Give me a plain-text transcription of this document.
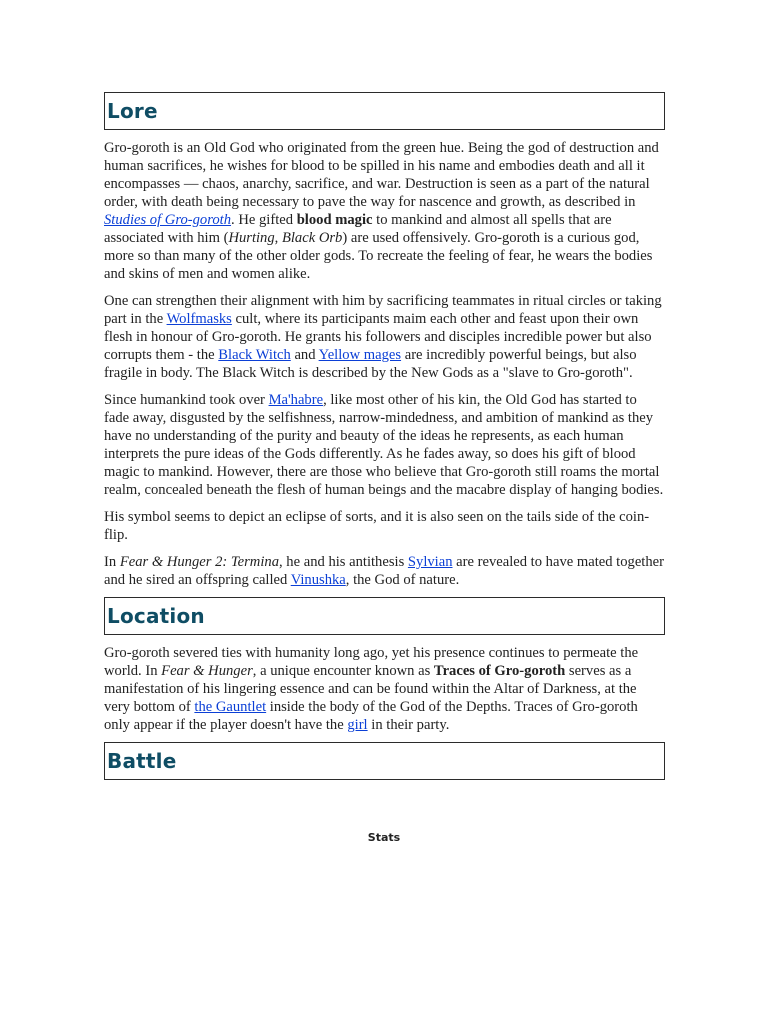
Lore

Gro-goroth is an Old God who originated from the green hue. Being the god of destruction and human sacrifices, he wishes for blood to be spilled in his name and embodies death and all it encompasses — chaos, anarchy, sacrifice, and war. Destruction is seen as a part of the natural order, with death being necessary to pave the way for nascence and growth, as described in Studies of Gro-goroth. He gifted blood magic to mankind and almost all spells that are associated with him (Hurting, Black Orb) are used offensively. Gro-goroth is a curious god, more so than many of the other older gods. To recreate the feeling of fear, he wears the bodies and skins of men and women alike.

One can strengthen their alignment with him by sacrificing teammates in ritual circles or taking part in the Wolfmasks cult, where its participants maim each other and feast upon their own flesh in honour of Gro-goroth. He grants his followers and disciples incredible power but also corrupts them - the Black Witch and Yellow mages are incredibly powerful beings, but also fragile in body. The Black Witch is described by the New Gods as a "slave to Gro-goroth".

Since humankind took over Ma'habre, like most other of his kin, the Old God has started to fade away, disgusted by the selfishness, narrow-mindedness, and ambition of mankind as they have no understanding of the purity and beauty of the ideas he represents, as each human interprets the pure ideas of the Gods differently. As he fades away, so does his gift of blood magic to mankind. However, there are those who believe that Gro-goroth still roams the mortal realm, concealed beneath the flesh of human beings and the macabre display of hanging bodies.

His symbol seems to depict an eclipse of sorts, and it is also seen on the tails side of the coin-flip.

In Fear & Hunger 2: Termina, he and his antithesis Sylvian are revealed to have mated together and he sired an offspring called Vinushka, the God of nature.

Location

Gro-goroth severed ties with humanity long ago, yet his presence continues to permeate the world. In Fear & Hunger, a unique encounter known as Traces of Gro-goroth serves as a manifestation of his lingering essence and can be found within the Altar of Darkness, at the very bottom of the Gauntlet inside the body of the God of the Depths. Traces of Gro-goroth only appear if the player doesn't have the girl in their party.

Battle
Stats
